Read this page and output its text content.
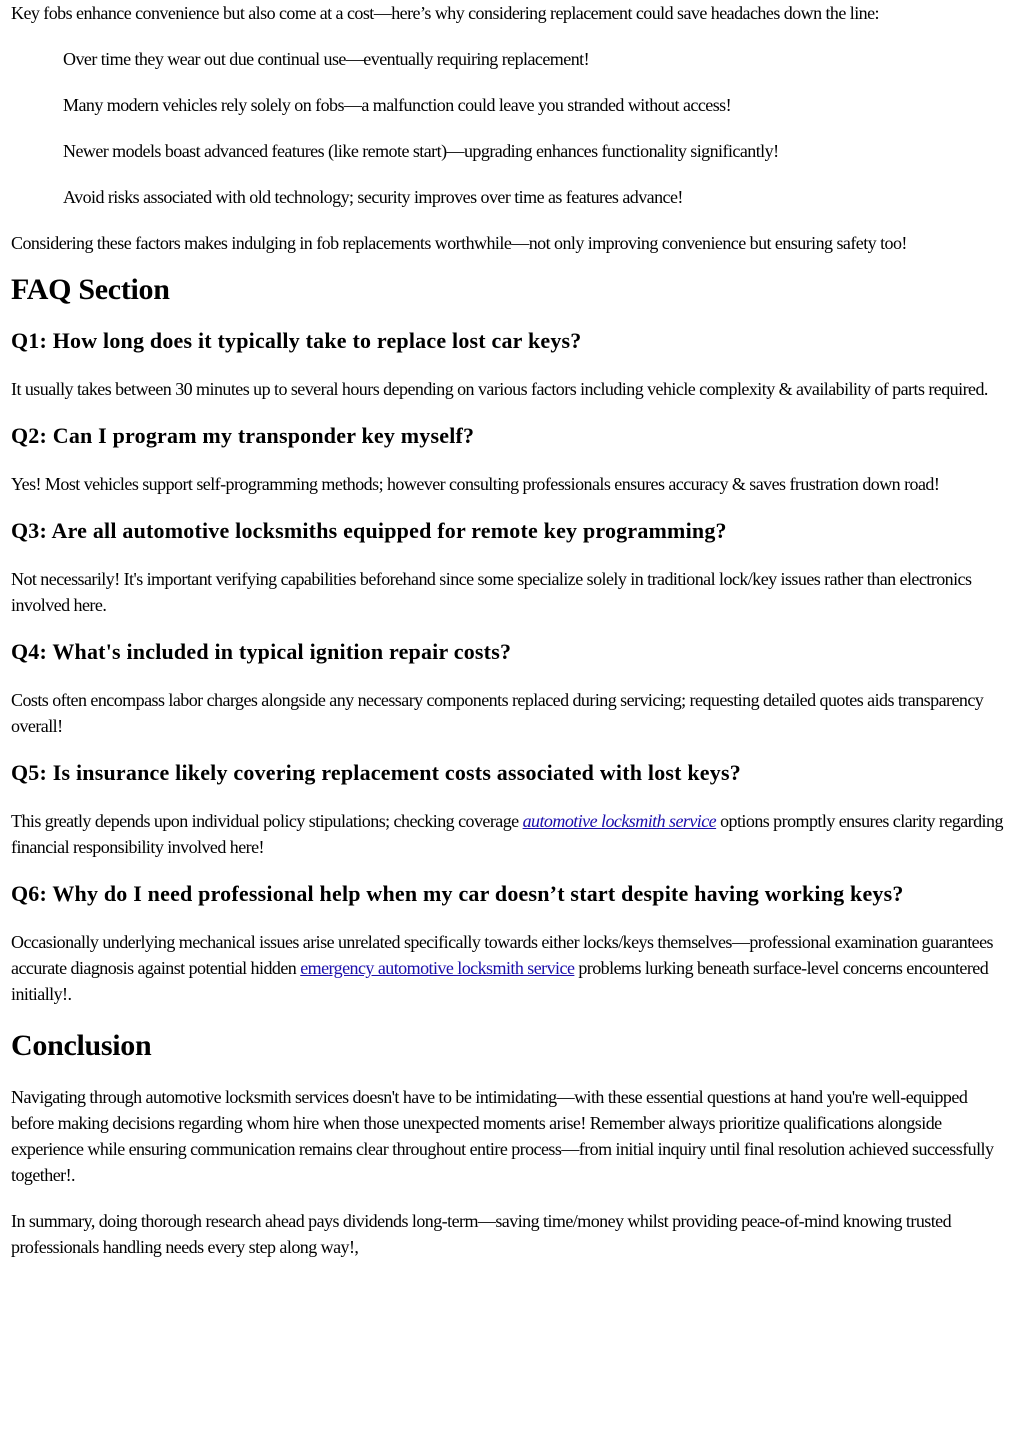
Key fobs enhance convenience but also come at a cost—here’s why considering replacement could save headaches down the line:

Over time they wear out due continual use—eventually requiring replacement!
Many modern vehicles rely solely on fobs—a malfunction could leave you stranded without access!
Newer models boast advanced features (like remote start)—upgrading enhances functionality significantly!
Avoid risks associated with old technology; security improves over time as features advance!

Considering these factors makes indulging in fob replacements worthwhile—not only improving convenience but ensuring safety too!

FAQ Section
Q1: How long does it typically take to replace lost car keys?

It usually takes between 30 minutes up to several hours depending on various factors including vehicle complexity & availability of parts required.

Q2: Can I program my transponder key myself?

Yes! Most vehicles support self-programming methods; however consulting professionals ensures accuracy & saves frustration down road!

Q3: Are all automotive locksmiths equipped for remote key programming?

Not necessarily! It's important verifying capabilities beforehand since some specialize solely in traditional lock/key issues rather than electronics involved here.

Q4: What's included in typical ignition repair costs?

Costs often encompass labor charges alongside any necessary components replaced during servicing; requesting detailed quotes aids transparency overall!

Q5: Is insurance likely covering replacement costs associated with lost keys?

This greatly depends upon individual policy stipulations; checking coverage automotive locksmith service options promptly ensures clarity regarding financial responsibility involved here!

Q6: Why do I need professional help when my car doesn’t start despite having working keys?

Occasionally underlying mechanical issues arise unrelated specifically towards either locks/keys themselves—professional examination guarantees accurate diagnosis against potential hidden emergency automotive locksmith service problems lurking beneath surface-level concerns encountered initially!.

Conclusion

Navigating through automotive locksmith services doesn't have to be intimidating—with these essential questions at hand you're well-equipped before making decisions regarding whom hire when those unexpected moments arise! Remember always prioritize qualifications alongside experience while ensuring communication remains clear throughout entire process—from initial inquiry until final resolution achieved successfully together!.

In summary, doing thorough research ahead pays dividends long-term—saving time/money whilst providing peace-of-mind knowing trusted professionals handling needs every step along way!,
